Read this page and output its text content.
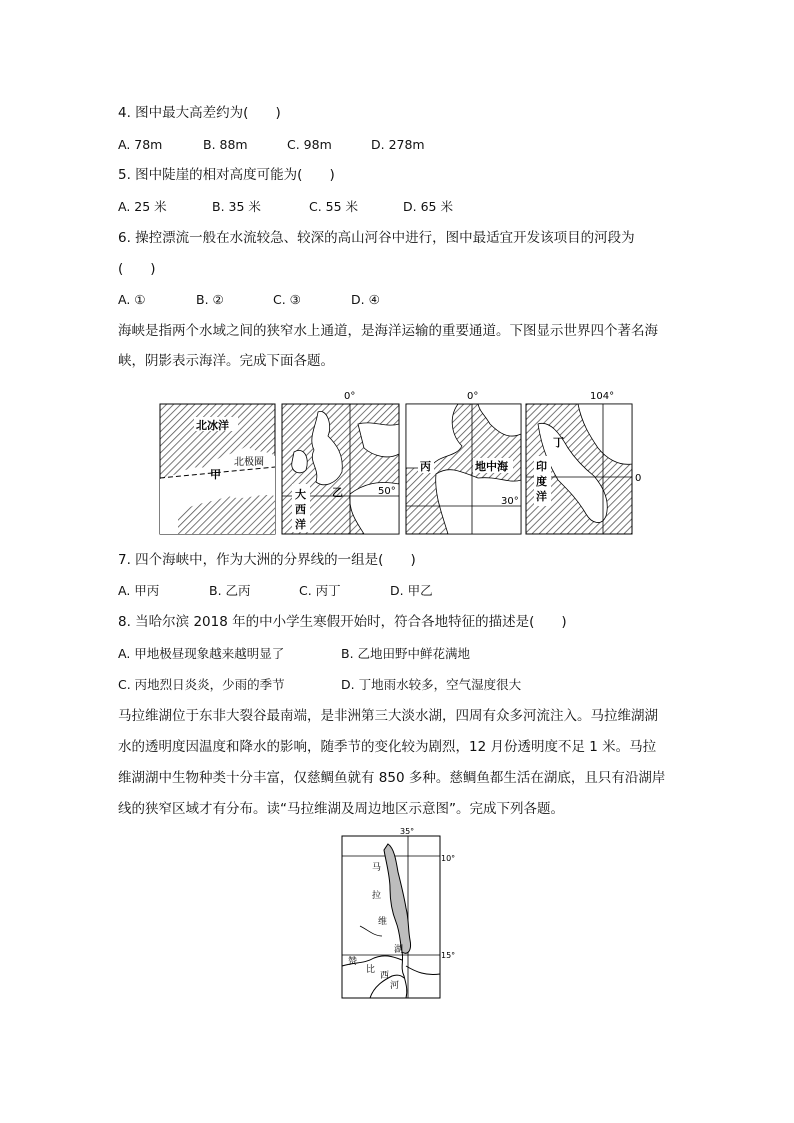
4. 图中最大高差约为(　　)
A. 78m	B. 88m	C. 98m	D. 278m
5. 图中陡崖的相对高度可能为(　　)
A. 25 米	B. 35 米	C. 55 米	D. 65 米
6. 操控漂流一般在水流较急、较深的高山河谷中进行，图中最适宜开发该项目的河段为
(　　)
A. ①	B. ②	C. ③	D. ④
海峡是指两个水域之间的狭窄水上通道，是海洋运输的重要通道。下图显示世界四个著名海
峡，阴影表示海洋。完成下面各题。
北冰洋
北极圈
甲
0°
50°
大
西
洋
乙
0°
30°
丙	地中海
104°
0
丁
印
度
洋
7. 四个海峡中，作为大洲的分界线的一组是(　　)
A. 甲丙	B. 乙丙	C. 丙丁	D. 甲乙
8. 当哈尔滨 2018 年的中小学生寒假开始时，符合各地特征的描述是(　　)
A. 甲地极昼现象越来越明显了	B. 乙地田野中鲜花满地
C. 丙地烈日炎炎，少雨的季节	D. 丁地雨水较多，空气湿度很大
马拉维湖位于东非大裂谷最南端，是非洲第三大淡水湖，四周有众多河流注入。马拉维湖湖
水的透明度因温度和降水的影响，随季节的变化较为剧烈，12 月份透明度不足 1 米。马拉
维湖湖中生物种类十分丰富，仅慈鲷鱼就有 850 多种。慈鲷鱼都生活在湖底，且只有沿湖岸
线的狭窄区域才有分布。读“马拉维湖及周边地区示意图”。完成下列各题。
35°
10°
15°
马
拉
维
湖
赞
比
西
河
